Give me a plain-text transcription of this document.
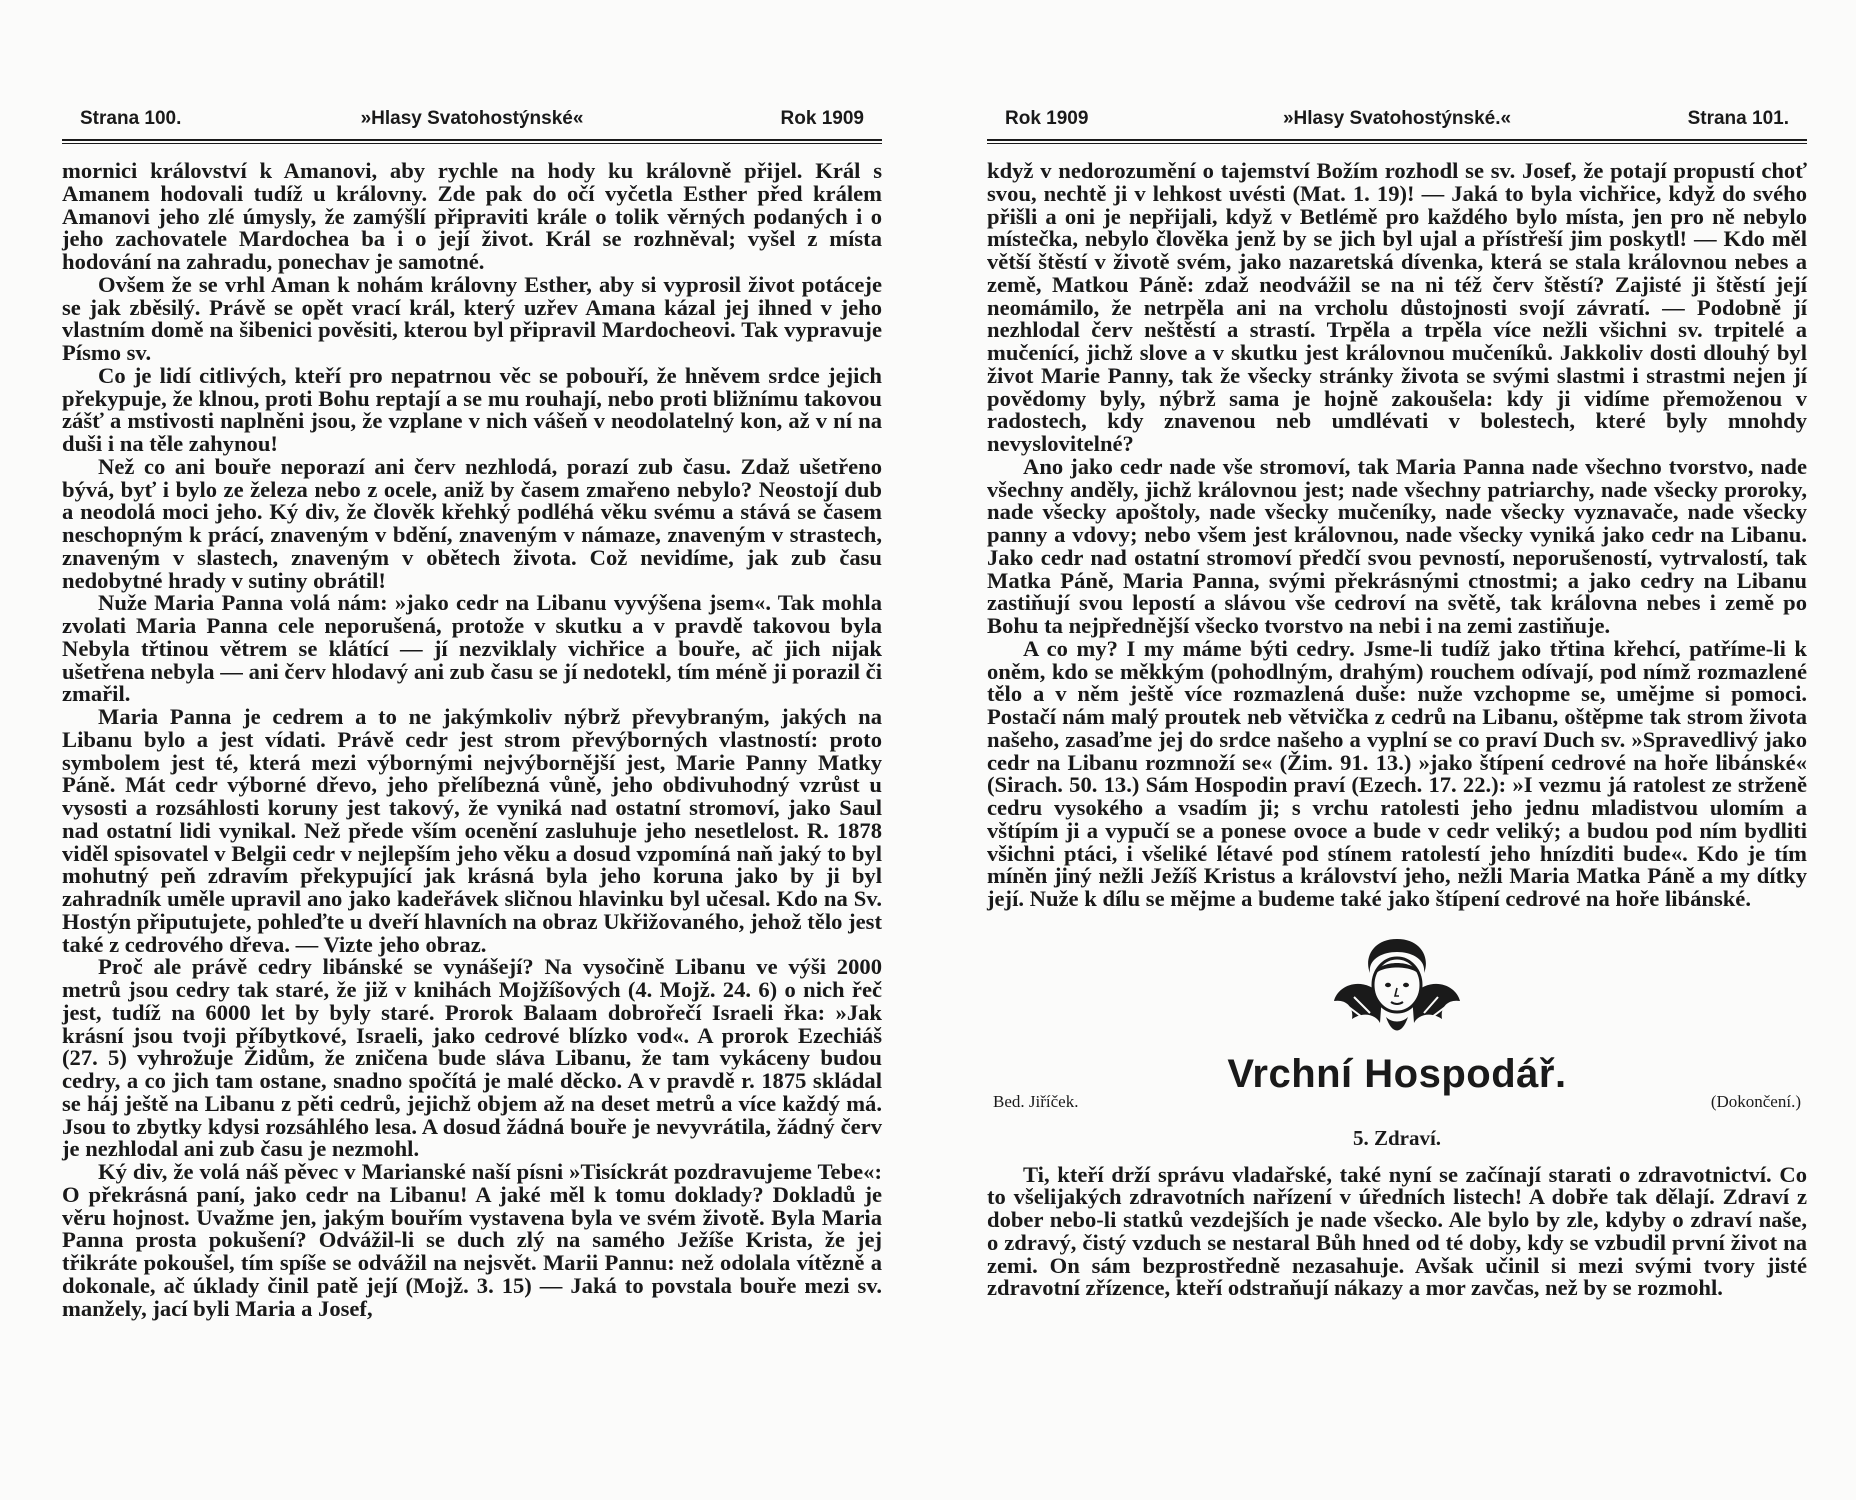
Strana 100.	»Hlasy Svatohostýnské«	Rok 1909

mornici království k Amanovi, aby rychle na hody ku královně přijel. Král s Amanem hodovali tudíž u královny. Zde pak do očí vyčetla Esther před králem Amanovi jeho zlé úmysly, že zamýšlí připraviti krále o tolik věrných podaných i o jeho zachovatele Mardochea ba i o její život. Král se rozhněval; vyšel z místa hodování na zahradu, ponechav je samotné.

Ovšem že se vrhl Aman k nohám královny Esther, aby si vyprosil život potáceje se jak zběsilý. Právě se opět vrací král, který uzřev Amana kázal jej ihned v jeho vlastním domě na šibenici pověsiti, kterou byl připravil Mardocheovi. Tak vypravuje Písmo sv.

Co je lidí citlivých, kteří pro nepatrnou věc se pobouří, že hněvem srdce jejich překypuje, že klnou, proti Bohu reptají a se mu rouhají, nebo proti bližnímu takovou zášť a mstivosti naplněni jsou, že vzplane v nich vášeň v neodolatelný kon, až v ní na duši i na těle zahynou!

Než co ani bouře neporazí ani červ nezhlodá, porazí zub času. Zdaž ušetřeno bývá, byť i bylo ze železa nebo z ocele, aniž by časem zmařeno nebylo? Neostojí dub a neodolá moci jeho. Ký div, že člověk křehký podléhá věku svému a stává se časem neschopným k prácí, znaveným v bdění, znaveným v námaze, znaveným v strastech, znaveným v slastech, znaveným v obětech života. Což nevidíme, jak zub času nedobytné hrady v sutiny obrátil!

Nuže Maria Panna volá nám: »jako cedr na Libanu vyvýšena jsem«. Tak mohla zvolati Maria Panna cele neporušená, protože v skutku a v pravdě takovou byla Nebyla třtinou větrem se klátící — jí nezviklaly vichřice a bouře, ač jich nijak ušetřena nebyla — ani červ hlodavý ani zub času se jí nedotekl, tím méně ji porazil či zmařil.

Maria Panna je cedrem a to ne jakýmkoliv nýbrž převybraným, jakých na Libanu bylo a jest vídati. Právě cedr jest strom převýborných vlastností: proto symbolem jest té, která mezi výbornými nejvýbornější jest, Marie Panny Matky Páně. Mát cedr výborné dřevo, jeho přelíbezná vůně, jeho obdivuhodný vzrůst u vysosti a rozsáhlosti koruny jest takový, že vyniká nad ostatní stromoví, jako Saul nad ostatní lidi vynikal. Než přede vším ocenění zasluhuje jeho nesetlelost. R. 1878 viděl spisovatel v Belgii cedr v nejlepším jeho věku a dosud vzpomíná naň jaký to byl mohutný peň zdravím překypující jak krásná byla jeho koruna jako by ji byl zahradník uměle upravil ano jako kadeřávek sličnou hlavinku byl učesal. Kdo na Sv. Hostýn připutujete, pohleďte u dveří hlavních na obraz Ukřižovaného, jehož tělo jest také z cedrového dřeva. — Vizte jeho obraz.

Proč ale právě cedry libánské se vynášejí? Na vysočině Libanu ve výši 2000 metrů jsou cedry tak staré, že již v knihách Mojžíšových (4. Mojž. 24. 6) o nich řeč jest, tudíž na 6000 let by byly staré. Prorok Balaam dobrořečí Israeli řka: »Jak krásní jsou tvoji příbytkové, Israeli, jako cedrové blízko vod«. A prorok Ezechiáš (27. 5) vyhrožuje Židům, že zničena bude sláva Libanu, že tam vykáceny budou cedry, a co jich tam ostane, snadno spočítá je malé děcko. A v pravdě r. 1875 skládal se háj ještě na Libanu z pěti cedrů, jejichž objem až na deset metrů a více každý má. Jsou to zbytky kdysi rozsáhlého lesa. A dosud žádná bouře je nevyvrátila, žádný červ je nezhlodal ani zub času je nezmohl.

Ký div, že volá náš pěvec v Marianské naší písni »Tisíckrát pozdravujeme Tebe«: O překrásná paní, jako cedr na Libanu! A jaké měl k tomu doklady? Dokladů je věru hojnost. Uvažme jen, jakým bouřím vystavena byla ve svém životě. Byla Maria Panna prosta pokušení? Odvážil-li se duch zlý na samého Ježíše Krista, že jej třikráte pokoušel, tím spíše se odvážil na nejsvět. Marii Pannu: než odolala vítězně a dokonale, ač úklady činil patě její (Mojž. 3. 15) — Jaká to povstala bouře mezi sv. manžely, jací byli Maria a Josef,

Rok 1909	»Hlasy Svatohostýnské.«	Strana 101.

když v nedorozumění o tajemství Božím rozhodl se sv. Josef, že potají propustí choť svou, nechtě ji v lehkost uvésti (Mat. 1. 19)! — Jaká to byla vichřice, když do svého přišli a oni je nepřijali, když v Betlémě pro každého bylo místa, jen pro ně nebylo místečka, nebylo člověka jenž by se jich byl ujal a přístřeší jim poskytl! — Kdo měl větší štěstí v životě svém, jako nazaretská dívenka, která se stala královnou nebes a země, Matkou Páně: zdaž neodvážil se na ni též červ štěstí? Zajisté ji štěstí její neomámilo, že netrpěla ani na vrcholu důstojnosti svojí závratí. — Podobně jí nezhlodal červ neštěstí a strastí. Trpěla a trpěla více nežli všichni sv. trpitelé a mučenící, jichž slove a v skutku jest královnou mučeníků. Jakkoliv dosti dlouhý byl život Marie Panny, tak že všecky stránky života se svými slastmi i strastmi nejen jí povědomy byly, nýbrž sama je hojně zakoušela: kdy ji vidíme přemoženou v radostech, kdy znavenou neb umdlévati v bolestech, které byly mnohdy nevyslovitelné?

Ano jako cedr nade vše stromoví, tak Maria Panna nade všechno tvorstvo, nade všechny anděly, jichž královnou jest; nade všechny patriarchy, nade všecky proroky, nade všecky apoštoly, nade všecky mučeníky, nade všecky vyznavače, nade všecky panny a vdovy; nebo všem jest královnou, nade všecky vyniká jako cedr na Libanu. Jako cedr nad ostatní stromoví předčí svou pevností, neporušeností, vytrvalostí, tak Matka Páně, Maria Panna, svými překrásnými ctnostmi; a jako cedry na Libanu zastiňují svou lepostí a slávou vše cedroví na světě, tak královna nebes i země po Bohu ta nejpřednější všecko tvorstvo na nebi i na zemi zastiňuje.

A co my? I my máme býti cedry. Jsme-li tudíž jako třtina křehcí, patříme-li k oněm, kdo se měkkým (pohodlným, drahým) rouchem odívají, pod nímž rozmazlené tělo a v něm ještě více rozmazlená duše: nuže vzchopme se, umějme si pomoci. Postačí nám malý proutek neb větvička z cedrů na Libanu, oštěpme tak strom života našeho, zasaďme jej do srdce našeho a vyplní se co praví Duch sv. »Spravedlivý jako cedr na Libanu rozmnoží se« (Žim. 91. 13.) »jako štípení cedrové na hoře libánské« (Sirach. 50. 13.) Sám Hospodin praví (Ezech. 17. 22.): »I vezmu já ratolest ze strženě cedru vysokého a vsadím ji; s vrchu ratolesti jeho jednu mladistvou ulomím a vštípím ji a vypučí se a ponese ovoce a bude v cedr veliký; a budou pod ním bydliti všichni ptáci, i všeliké létavé pod stínem ratolestí jeho hnízditi bude«. Kdo je tím míněn jiný nežli Ježíš Kristus a království jeho, nežli Maria Matka Páně a my dítky její. Nuže k dílu se mějme a budeme také jako štípení cedrové na hoře libánské.

Bed. Jiříček.
Vrchní Hospodář.
(Dokončení.)
5. Zdraví.

Ti, kteří drží správu vladařské, také nyní se začínají starati o zdravotnictví. Co to všelijakých zdravotních nařízení v úředních listech! A dobře tak dělají. Zdraví z dober nebo-li statků vezdejších je nade všecko. Ale bylo by zle, kdyby o zdraví naše, o zdravý, čistý vzduch se nestaral Bůh hned od té doby, kdy se vzbudil první život na zemi. On sám bezprostředně nezasahuje. Avšak učinil si mezi svými tvory jisté zdravotní zřízence, kteří odstraňují nákazy a mor zavčas, než by se rozmohl.
